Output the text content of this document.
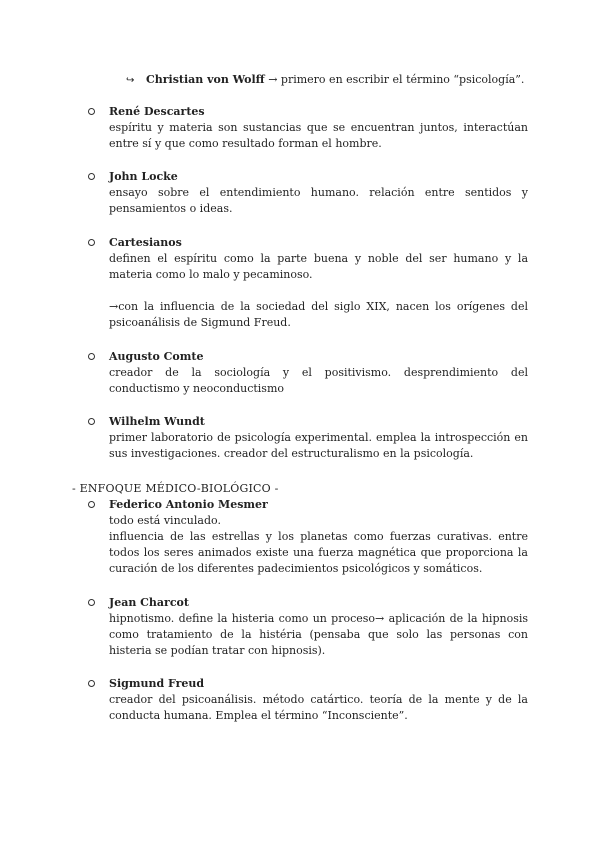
↪ Christian von Wolff → primero en escribir el término “psicología”.
René Descartes
espíritu y materia son sustancias que se encuentran juntos, interactúan entre sí y que como resultado forman el hombre.
John Locke
ensayo sobre el entendimiento humano. relación entre sentidos y pensamientos o ideas.
Cartesianos
definen el espíritu como la parte buena y noble del ser humano y la materia como lo malo y pecaminoso.
→con la influencia de la sociedad del siglo XIX, nacen los orígenes del psicoanálisis de Sigmund Freud.
Augusto Comte
creador de la sociología y el positivismo. desprendimiento del conductismo y neoconductismo
Wilhelm Wundt
primer laboratorio de psicología experimental. emplea la introspección en sus investigaciones. creador del estructuralismo en la psicología.
- ENFOQUE MÉDICO-BIOLÓGICO -
Federico Antonio Mesmer
todo está vinculado.
influencia de las estrellas y los planetas como fuerzas curativas. entre todos los seres animados existe una fuerza magnética que proporciona la curación de los diferentes padecimientos psicológicos y somáticos.
Jean Charcot
hipnotismo. define la histeria como un proceso→ aplicación de la hipnosis como tratamiento de la histéria (pensaba que solo las personas con histeria se podían tratar con hipnosis).
Sigmund Freud
creador del psicoanálisis. método catártico. teoría de la mente y de la conducta humana. Emplea el término “Inconsciente”.
